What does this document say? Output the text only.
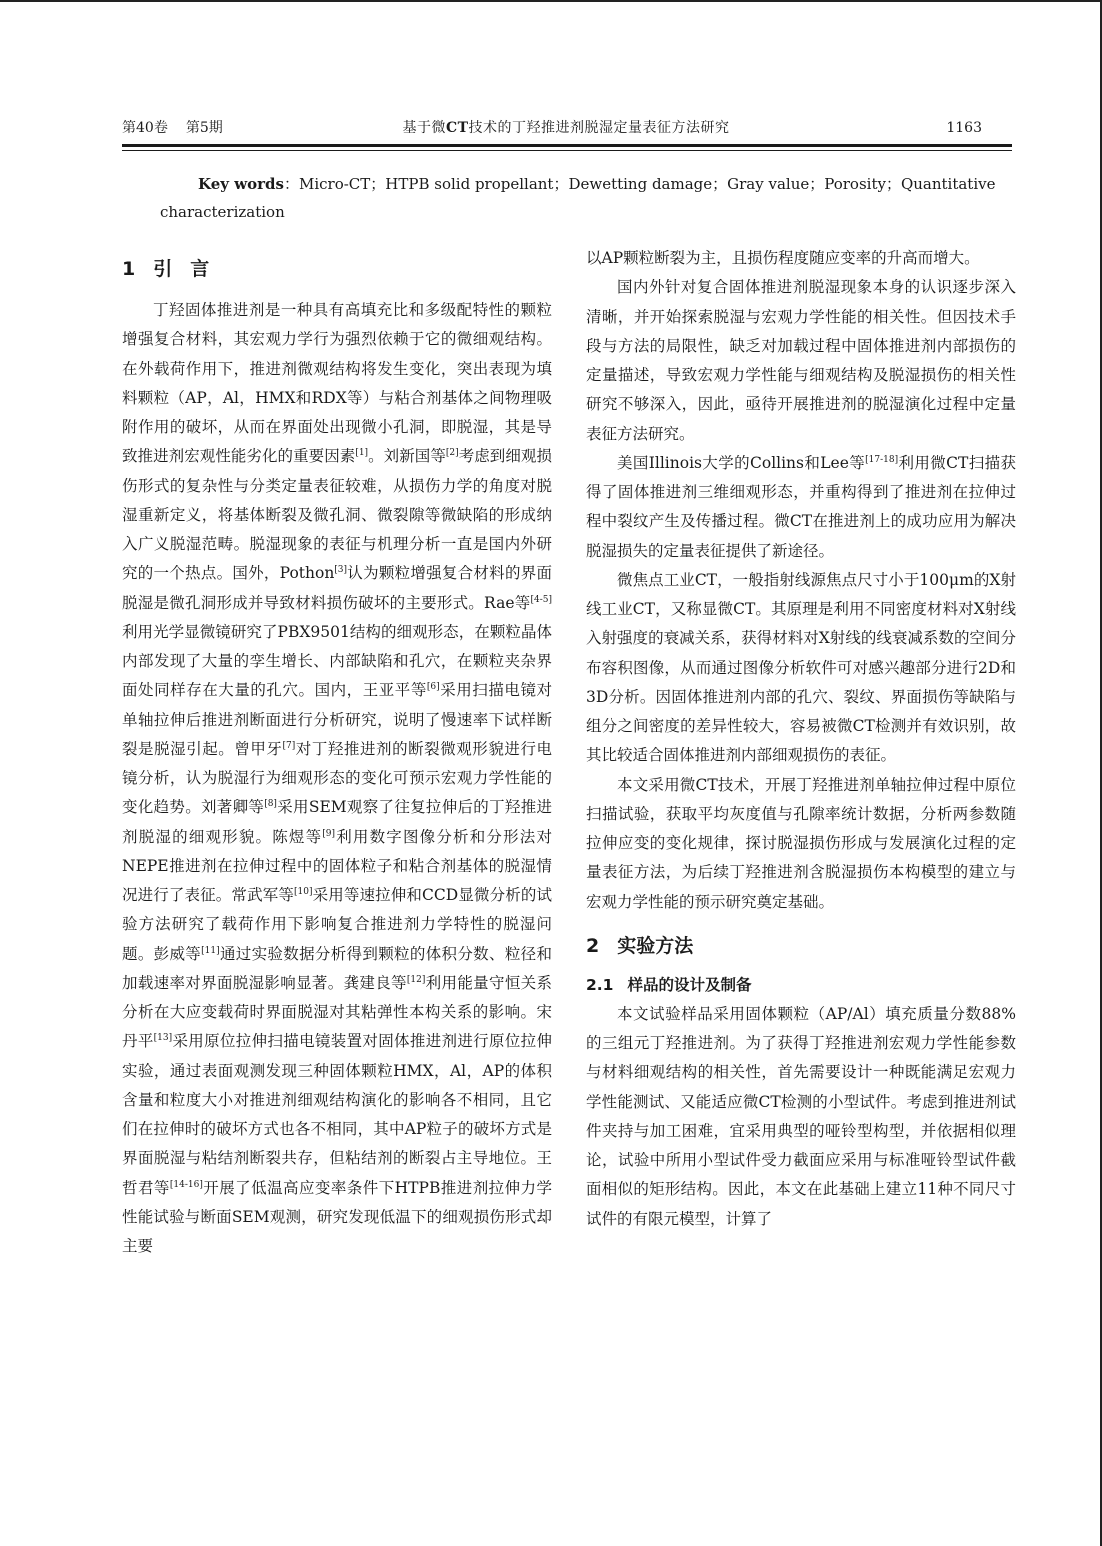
第40卷 第5期	基于微CT技术的丁羟推进剂脱湿定量表征方法研究	1163
Key words：Micro-CT；HTPB solid propellant；Dewetting damage；Gray value；Porosity；Quantitative characterization
1 引言

丁羟固体推进剂是一种具有高填充比和多级配特性的颗粒增强复合材料，其宏观力学行为强烈依赖于它的微细观结构。在外载荷作用下，推进剂微观结构将发生变化，突出表现为填料颗粒（AP，Al，HMX和RDX等）与粘合剂基体之间物理吸附作用的破坏，从而在界面处出现微小孔洞，即脱湿，其是导致推进剂宏观性能劣化的重要因素[1]。刘新国等[2]考虑到细观损伤形式的复杂性与分类定量表征较难，从损伤力学的角度对脱湿重新定义，将基体断裂及微孔洞、微裂隙等微缺陷的形成纳入广义脱湿范畴。脱湿现象的表征与机理分析一直是国内外研究的一个热点。国外，Pothon[3]认为颗粒增强复合材料的界面脱湿是微孔洞形成并导致材料损伤破坏的主要形式。Rae等[4-5]利用光学显微镜研究了PBX9501结构的细观形态，在颗粒晶体内部发现了大量的孪生增长、内部缺陷和孔穴，在颗粒夹杂界面处同样存在大量的孔穴。国内，王亚平等[6]采用扫描电镜对单轴拉伸后推进剂断面进行分析研究，说明了慢速率下试样断裂是脱湿引起。曾甲牙[7]对丁羟推进剂的断裂微观形貌进行电镜分析，认为脱湿行为细观形态的变化可预示宏观力学性能的变化趋势。刘著卿等[8]采用SEM观察了往复拉伸后的丁羟推进剂脱湿的细观形貌。陈煜等[9]利用数字图像分析和分形法对NEPE推进剂在拉伸过程中的固体粒子和粘合剂基体的脱湿情况进行了表征。常武军等[10]采用等速拉伸和CCD显微分析的试验方法研究了载荷作用下影响复合推进剂力学特性的脱湿问题。彭威等[11]通过实验数据分析得到颗粒的体积分数、粒径和加载速率对界面脱湿影响显著。龚建良等[12]利用能量守恒关系分析在大应变载荷时界面脱湿对其粘弹性本构关系的影响。宋丹平[13]采用原位拉伸扫描电镜装置对固体推进剂进行原位拉伸实验，通过表面观测发现三种固体颗粒HMX，Al，AP的体积含量和粒度大小对推进剂细观结构演化的影响各不相同，且它们在拉伸时的破坏方式也各不相同，其中AP粒子的破坏方式是界面脱湿与粘结剂断裂共存，但粘结剂的断裂占主导地位。王哲君等[14-16]开展了低温高应变率条件下HTPB推进剂拉伸力学性能试验与断面SEM观测，研究发现低温下的细观损伤形式却主要

以AP颗粒断裂为主，且损伤程度随应变率的升高而增大。

国内外针对复合固体推进剂脱湿现象本身的认识逐步深入清晰，并开始探索脱湿与宏观力学性能的相关性。但因技术手段与方法的局限性，缺乏对加载过程中固体推进剂内部损伤的定量描述，导致宏观力学性能与细观结构及脱湿损伤的相关性研究不够深入，因此，亟待开展推进剂的脱湿演化过程中定量表征方法研究。

美国Illinois大学的Collins和Lee等[17-18]利用微CT扫描获得了固体推进剂三维细观形态，并重构得到了推进剂在拉伸过程中裂纹产生及传播过程。微CT在推进剂上的成功应用为解决脱湿损失的定量表征提供了新途径。

微焦点工业CT，一般指射线源焦点尺寸小于100μm的X射线工业CT，又称显微CT。其原理是利用不同密度材料对X射线入射强度的衰减关系，获得材料对X射线的线衰减系数的空间分布容积图像，从而通过图像分析软件可对感兴趣部分进行2D和3D分析。因固体推进剂内部的孔穴、裂纹、界面损伤等缺陷与组分之间密度的差异性较大，容易被微CT检测并有效识别，故其比较适合固体推进剂内部细观损伤的表征。

本文采用微CT技术，开展丁羟推进剂单轴拉伸过程中原位扫描试验，获取平均灰度值与孔隙率统计数据，分析两参数随拉伸应变的变化规律，探讨脱湿损伤形成与发展演化过程的定量表征方法，为后续丁羟推进剂含脱湿损伤本构模型的建立与宏观力学性能的预示研究奠定基础。

2 实验方法
2.1 样品的设计及制备

本文试验样品采用固体颗粒（AP/Al）填充质量分数88%的三组元丁羟推进剂。为了获得丁羟推进剂宏观力学性能参数与材料细观结构的相关性，首先需要设计一种既能满足宏观力学性能测试、又能适应微CT检测的小型试件。考虑到推进剂试件夹持与加工困难，宜采用典型的哑铃型构型，并依据相似理论，试验中所用小型试件受力截面应采用与标准哑铃型试件截面相似的矩形结构。因此，本文在此基础上建立11种不同尺寸试件的有限元模型，计算了
